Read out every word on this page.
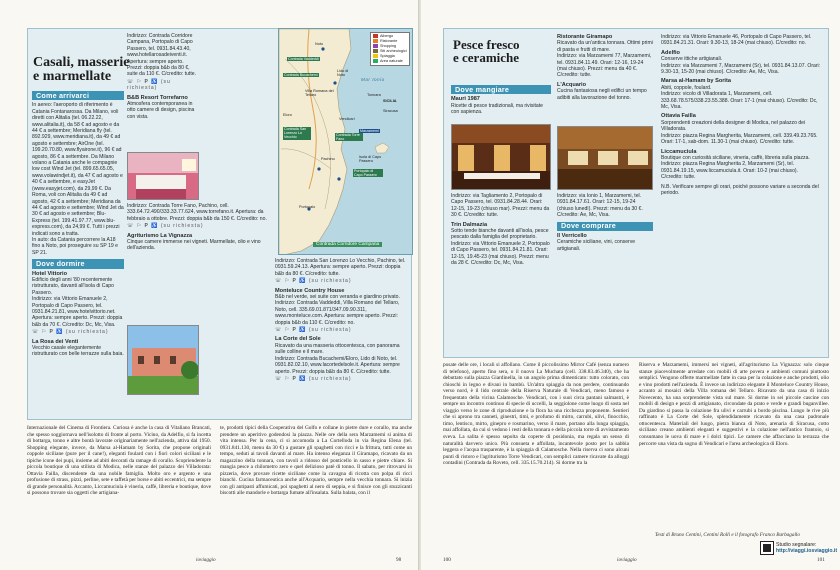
Casali, masserie
e marmellate
Come arrivarci
In aereo: l'aeroporto di riferimento è Catania Fontanarossa. Da Milano, voli diretti con Alitalia (tel. 06.22.22, www.alitalia.it), da 58 € ad agosto e da 44 € a settembre; Meridiana fly (tel. 892.929, www.meridiana.it), da 49 € ad agosto e settembre; AirOne (tel. 199.20.70.80, www.flyairone.it), 96 € ad agosto, 86 € a settembre. Da Milano volano a Catania anche le compagnie low cost Wind Jet (tel. 899.65.65.05, www.volawindjet.it), da 47 € ad agosto e 40 € a settembre, e easyJet (www.easyjet.com), da 29,99 €. Da Roma, voli con Alitalia da 49 € ad agosto, 42 € a settembre; Meridiana da 44 € ad agosto e settembre; Wind Jet da 30 € ad agosto e settembre; Blu-Express (tel. 199.41.97.77, www.blu-express.com), da 24,99 €. Tutti i prezzi indicati sono a tratta.
In auto: da Catania percorrere la A18 fino a Noto, poi proseguire su SP 19 e SP 21.
Dove dormire
Hotel Vittorio
Edificio degli anni '80 recentemente ristrutturato, davanti all'isola di Capo Passero.
Indirizzo: via Vittorio Emanuele 2, Portopalo di Capo Passero, tel. 0931.84.21.81, www.hotelvittorio.net. Apertura: sempre aperto. Prezzi: doppia b&b da 70 €. C/credito: Dc, Mc, Visa.
☏ ⚐ P ♿ (su richiesta)
La Rosa dei Venti
Vecchio casale elegantemente ristrutturato con belle terrazze sulla baia.
Indirizzo: Contrada Corridore Campana, Portopalo di Capo Passero, tel. 0931.84.43.40, www.hotellarosadeiventi.it. Apertura: sempre aperto. Prezzi: doppia b&b da 80 €, suite da 110 €. C/credito: tutte.
☏ ⚐ P ♿ (su richiesta)
B&B Resort Torrefarno
Atmosfera contemporanea in otto camere di design, piscina con vista.
Indirizzo: Contrada Torre Fano, Pachino, cell. 333.64.72.490/333.33.77.624, www.torrefano.it. Apertura: da febbraio a ottobre. Prezzi: doppia b&b da 150 €. C/credito: no.
☏ ⚐ P ♿ (su richiesta)
Agriturismo La Vignazza
Cinque camere immerse nei vigneti. Marmellate, olio e vino dell'azienda.
Albergo
Ristorante
Shopping
Siti archeologici
Spiaggia
Area naturale
Noto
Lido di Noto
Villa Romana del Tellaro
Vendicari
Eloro
Pachino
Portopalo
Isola di Capo Passero
Tonnara
SICILIA
Siracusa
Contrada Vaddeddi
Contrada Bucachemi
Contrada San Lorenzo Lo Vecchio
Contrada Torre Fano
Marzamemi
Portopalo di Capo Passero
Mar Ionio
Contrada Corridore Campana
Indirizzo: Contrada San Lorenzo Lo Vecchio, Pachino, tel. 0931.59.24.13. Apertura: sempre aperto. Prezzi: doppia b&b da 80 €. C/credito: tutte.
☏ ⚐ P ♿ (su richiesta)
Monteluce Country House
B&b nel verde, sei suite con veranda e giardino privato.
Indirizzo: Contrada Vaddeddi, Villa Romano del Tellaro, Noto, cell. 335.69.01.871/347.09.90.311, www.monteluce.com. Apertura: sempre aperto. Prezzi: doppia b&b da 110 €. C/credito: no.
☏ ⚐ P ♿ (su richiesta)
La Corte del Sole
Ricavato da una masseria ottocentesca, con panorama sulle colline e il mare.
Indirizzo: Contrada Bucachemi/Eloro, Lido di Noto, tel. 0931.82.02.10, www.lacortedelsole.it. Apertura: sempre aperto. Prezzi: doppia b&b da 80 €. C/credito: tutte.
☏ ⚐ P ♿ (su richiesta)
Internazionale del Cinema di Frontiera. Curiosa è anche la casa di Vitaliano Brancati, che spesso soggiornava nell'isolotto di fronte al porto. Vicino, da Adelfio, si fa incetta di bottarga, tonno e altre bontà lavorate originariamente nell'azienda, attiva dal 1950. Shopping elegante, invece, da Marsa al-Hamam by Sorita, che propone originali coppole siciliane (pure per il cane!), eleganti foulard con i fiori colori siciliani e le tipiche icone dei pupi, insieme ad abiti decorati da ramage di corallo. Scopriendente la piccola boutique di una stilista di Modica, nelle stanze del palazzo dei Villadorata: Ottavia Failla, discendente da una nobile famiglia. Molto oro e argento e una profusione di strass, pizzi, perline, sete e taffetà per borse e abiti eccentrici, ma sempre di grande personalità. Accanto, Liccamuciula è vineria, caffè, libreria e boutique, dove si possono trovare sia oggetti che artigiana-
te, prodotti tipici della Cooperativa del Golfo e collane in pietre dure e corallo, ma anche prendere un aperitivo godendosi la piazza. Nelle ore della sera Marzamemi si anima di vita intensa. Per la cena, ci si accomoda a La Cortelloda in via Regina Elena (tel. 0931.841.130, menu da 30 €) a gustare gli spaghetti con ricci e la frittura, tutti come un tempo, seduti ai tavoli davanti al mare. Ha intenso eleganza il Giramapo, ricavato da un magazzino della tonnara, con tavoli a ridosso del ponticello in sasso e pietre chiare. Si mangia pesce a chilometro zero e quel delizioso patè di tonno. Il sabato, per ritrovarsi in pizzeria, dove provare ricette siciliane come la cavagna di ricotta con polpa di ricci bianchi. Cucina farmaceutica anche all'Acquario, sempre nella vecchia tonnara. Si inizia con gli antipasti affumicati, poi spaghetti al nero di seppia, e si finisce con gli stuzzicanti biscotti alle mandorle e bottarga fumate all'insalata. Sulla balata, con il
ioviaggio	98
Pesce fresco
e ceramiche
Dove mangiare
Mauri 1987
Ricette di pesce tradizionali, ma rivisitate con sapienza.
Indirizzo: via Tagliamento 2, Portopalo di Capo Passero, tel. 0931.84.28.44. Orari: 12-15, 19-23 (chiuso mar). Prezzi: menu da 30 €. C/credito: tutte.
Trin Dalmazia
Sotto tende bianche davanti all'isola, pesce pescato dalla famiglia del proprietario.
Indirizzo: via Vittorio Emanuele 2, Portopalo di Capo Passero, tel. 0931.84.21.81. Orari: 12-15, 19.45-23 (mai chiuso). Prezzi: menu da 28 €. C/credito: Dc, Mc, Visa.
Ristorante Giramapo
Ricavato da un'antica tonnara. Ottimi primi di pasta e frutti di mare.
Indirizzo: via Marzamemi 77, Marzamemi, tel. 0931.84.11.49. Orari: 12-16, 19-24 (mai chiuso). Prezzi: menu da 40 €. C/credito: tutte.
L'Acquario
Cucina fantasiosa negli edifici un tempo adibiti alla lavorazione del tonno.
Indirizzo: via Ionio 1, Marzamemi, tel. 0931.84.17.61. Orari: 12-15, 19-24 (chiuso lunedì). Prezzi: menu da 30 €. C/credito: Ae, Mc, Visa.
Dove comprare
Il Verricello
Ceramiche siciliane, vini, conserve artigianali.
Indirizzo: via Vittorio Emanuele 46, Portopalo di Capo Passero, tel. 0931.84.21.31. Orari: 9.30-13, 18-24 (mai chiuso). C/credito: no.
Adelfio
Conserve ittiche artigianali.
Indirizzo: via Marzamemi 7, Marzamemi (Sr), tel. 0931.84.13.07. Orari: 9.30-13, 15-20 (mai chiuso). C/credito: Ae, Mc, Visa.
Marsa al-Hamam by Sorita
Abiti, coppole, foulard.
Indirizzo: vicolo di Villadorata 1, Marzamemi, cell. 333.68.78.575/338.23.55.388. Orari: 17-1 (mai chiuso). C/credito: Dc, Mc, Visa.
Ottavia Failla
Sorprendenti creazioni della designer di Modica, nel palazzo dei Villadorata.
Indirizzo: piazza Regina Margherita, Marzamemi, cell. 339.49.23.765. Orari: 17-1, sab-dom. 11.30-1 (mai chiuso). C/credito: tutte.
Liccamuciula
Boutique con curiosità siciliane, vineria, caffè, libreria sulla piazza.
Indirizzo: piazza Regina Margherita 2, Marzamemi (Sr), tel. 0931.84.19.15, www.liccamuciula.it. Orari: 10-2 (mai chiuso). C/credito: tutte.
N.B. Verificare sempre gli orari, poiché possono variare a seconda del periodo.
posate delle ore, i locali si affollano. Come il piccolissimo Mirror Café (senza numero di telefono), aperto fino sera, o il nuovo La Muchata (cell. 338.83.46.340), che ha debuttato sulla piazza Giardinella, in un angolo prima dimenticato: tutto colorato, con chioschi in legno e divani in bambù. Un'altra spiaggia da non perdere, continuando verso nord, è il lido centrale della Riserva Naturale di Vendicari, meno famoso e frequentato della vicina Calamosche. Vendicari, con i suoi circa pantani salmastri, è sempre un incontro continuo di specie di uccelli, la seggiolone come luogo di sosta nel viaggio verso le zone di riproduzione e la flora ha una ricchezza proponente. Sentieri che si aprono tra canneti, ginestri, timi, e profumo di mirto, carrubi, ulivi, finocchio, timo, lentisco, mirto, ginepro e rosmarino, verso il mare, portano alla lunga spiaggia, mai affollata, da cui si vedono i resti della tonnara e della piccola torre di avvistamento sveva. La salita è spesso sepolta da coperte di posidonia, ma regala un senso di naturalità davvero unico. Più consueta e affollata, incantevole posto per la sabbia leggera e l'acqua trasparente, è la spiaggia di Calamosche. Nella riserva ci sono alcuni punti di ristoro e l'agriturismo Torre Vendicari, con semplici camere ricavate da alloggi contadini (Contrada da Roveto, cell. 335.15.70.214). Si dorme tra la
Riserva e Marzamemi, immersi nei vigneti, all'agriturismo La Vignazza: solo cinque stanze piacevolmente arredate con mobili di arte povera e ambienti comuni piuttosto semplici. Vengono offerte marmellate fatte in casa per la colazione e anche prodotti, olio e vino prodotti nell'azienda. È invece un indirizzo elegante il Monteluce Country House, accanto ai mosaici della Villa romana del Tellaro. Ricavato da una casa di inizio Novecento, ha una sorprendente vista sul mare. Si dorme in sei piccole cascine con mobili di design e pezzi di artigianato, circondate da prato e verde e grandi buganvillee. Da giardino si passa la colazione fra ulivi e carrubi a bordo piscina. Lungo le rive più raffinato è La Corte del Sole, splendidamente ricavato da una casa padronale ottocentesca. Materiali del luogo, pietra bianca di Noto, arenaria di Siracusa, cotto siciliano creano ambienti eleganti e suggestivi e la colazione nell'antico frantoio, si consumano le uova di mare e i dolci tipici. Le camere che affacciano la terrazza che percorre una vista da sogno di Vendicari e l'area archeologica di Eloro.
Testi di Bruno Centini, Centini Rolli e il fotografo Franco Barbagallo
Studio segnalare:
http://viaggi.iosviaggio.it
100	ioviaggio	101
